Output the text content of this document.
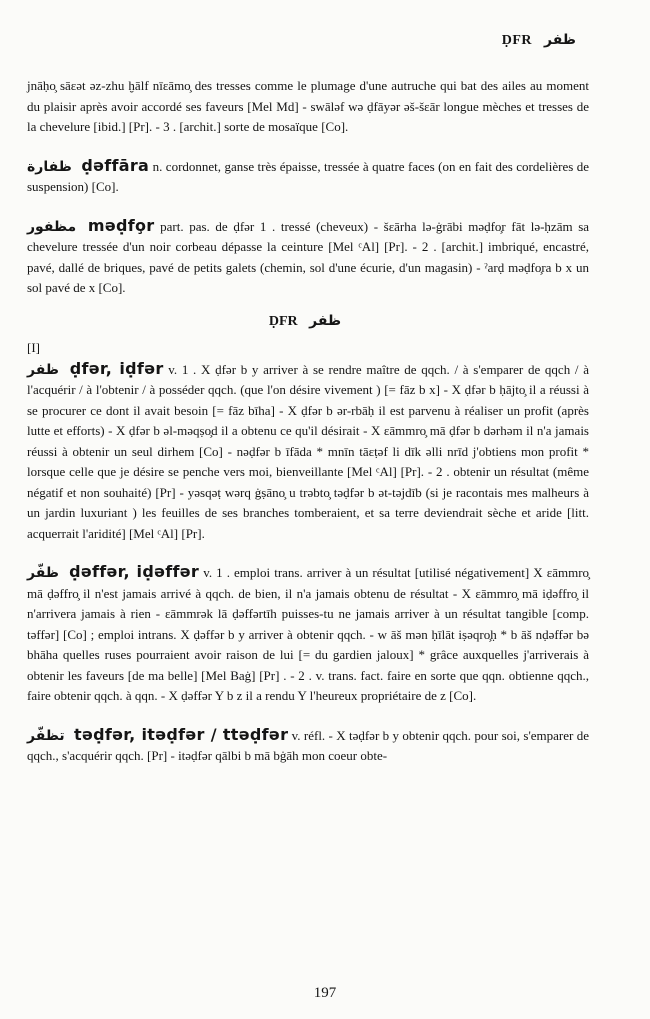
ḌFR ظفر

jnāḥo̧ sāɛət əz-zhu ḫālf nīɛāmo̧ des tresses comme le plumage d'une autruche qui bat des ailes au moment du plaisir après avoir accordé ses faveurs [Mel Md] - swāləf wə ḍfāyər əš-šɛār longue mèches et tresses de la chevelure [ibid.] [Pr]. - 3 . [archit.] sorte de mosaïque [Co].

ظفارة ḍəffāra n. cordonnet, ganse très épaisse, tressée à quatre faces (on en fait des cordelières de suspension) [Co].

مظفور məḍfo̧r part. pas. de ḍfər 1 . tressé (cheveux) - šɛārha lə-ġrābi məḍfo̧r fāt lə-ḥzām sa chevelure tressée d'un noir corbeau dépasse la ceinture [Mel ᶜAl] [Pr]. - 2 . [archit.] imbriqué, encastré, pavé, dallé de briques, pavé de petits galets (chemin, sol d'une écurie, d'un magasin) - ˀarḍ məḍfo̧ra b x un sol pavé de x [Co].

ḌFR ظفر

[I]

ظفر ḍfər, iḍfər v. 1 . X ḍfər b y arriver à se rendre maître de qqch. / à s'emparer de qqch / à l'acquérir / à l'obtenir / à posséder qqch. (que l'on désire vivement ) [= fāz b x] - X ḍfər b ḥājto̧ il a réussi à se procurer ce dont il avait besoin [= fāz bīha] - X ḍfər b ər-rbāḥ il est parvenu à réaliser un profit (après lutte et efforts) - X ḍfər b əl-məqṣo̧d il a obtenu ce qu'il désirait - X ɛāmmro̧ mā ḍfər b dərhəm il n'a jamais réussi à obtenir un seul dirhem [Co] - nəḍfər b īfāda * mnīn tāɛṭəf li dīk əlli nrīd j'obtiens mon profit * lorsque celle que je désire se penche vers moi, bienveillante [Mel ᶜAl] [Pr]. - 2 . obtenir un résultat (même négatif et non souhaité) [Pr] - yəsqəṭ wərq ġṣāno̧ u trəbto̧ təḍfər b ət-təjdīb (si je racontais mes malheurs à un jardin luxuriant ) les feuilles de ses branches tomberaient, et sa terre deviendrait sèche et aride [litt. acquerrait l'aridité] [Mel ᶜAl] [Pr].

ظفّر ḍəffər, iḍəffər v. 1 . emploi trans. arriver à un résultat [utilisé négativement] X ɛāmmro̧ mā ḍəffro̧ il n'est jamais arrivé à qqch. de bien, il n'a jamais obtenu de résultat - X ɛāmmro̧ mā iḍəffro̧ il n'arrivera jamais à rien - ɛāmmrək lā ḍəffərtīh puisses-tu ne jamais arriver à un résultat tangible [comp. təffər] [Co] ; emploi intrans. X ḍəffər b y arriver à obtenir qqch. - w āš mən ḥīlāt iṣəqro̧ḥ * b āš nḍəffər bə bhāha quelles ruses pourraient avoir raison de lui [= du gardien jaloux] * grâce auxquelles j'arriverais à obtenir les faveurs [de ma belle] [Mel Baġ] [Pr] . - 2 . v. trans. fact. faire en sorte que qqn. obtienne qqch., faire obtenir qqch. à qqn. - X ḍəffər Y b z il a rendu Y l'heureux propriétaire de z [Co].

تظفّر təḍfər, itəḍfər / ttəḍfər v. réfl. - X təḍfər b y obtenir qqch. pour soi, s'emparer de qqch., s'acquérir qqch. [Pr] - itəḍfər qālbi b mā bġāh mon coeur obte-

197
